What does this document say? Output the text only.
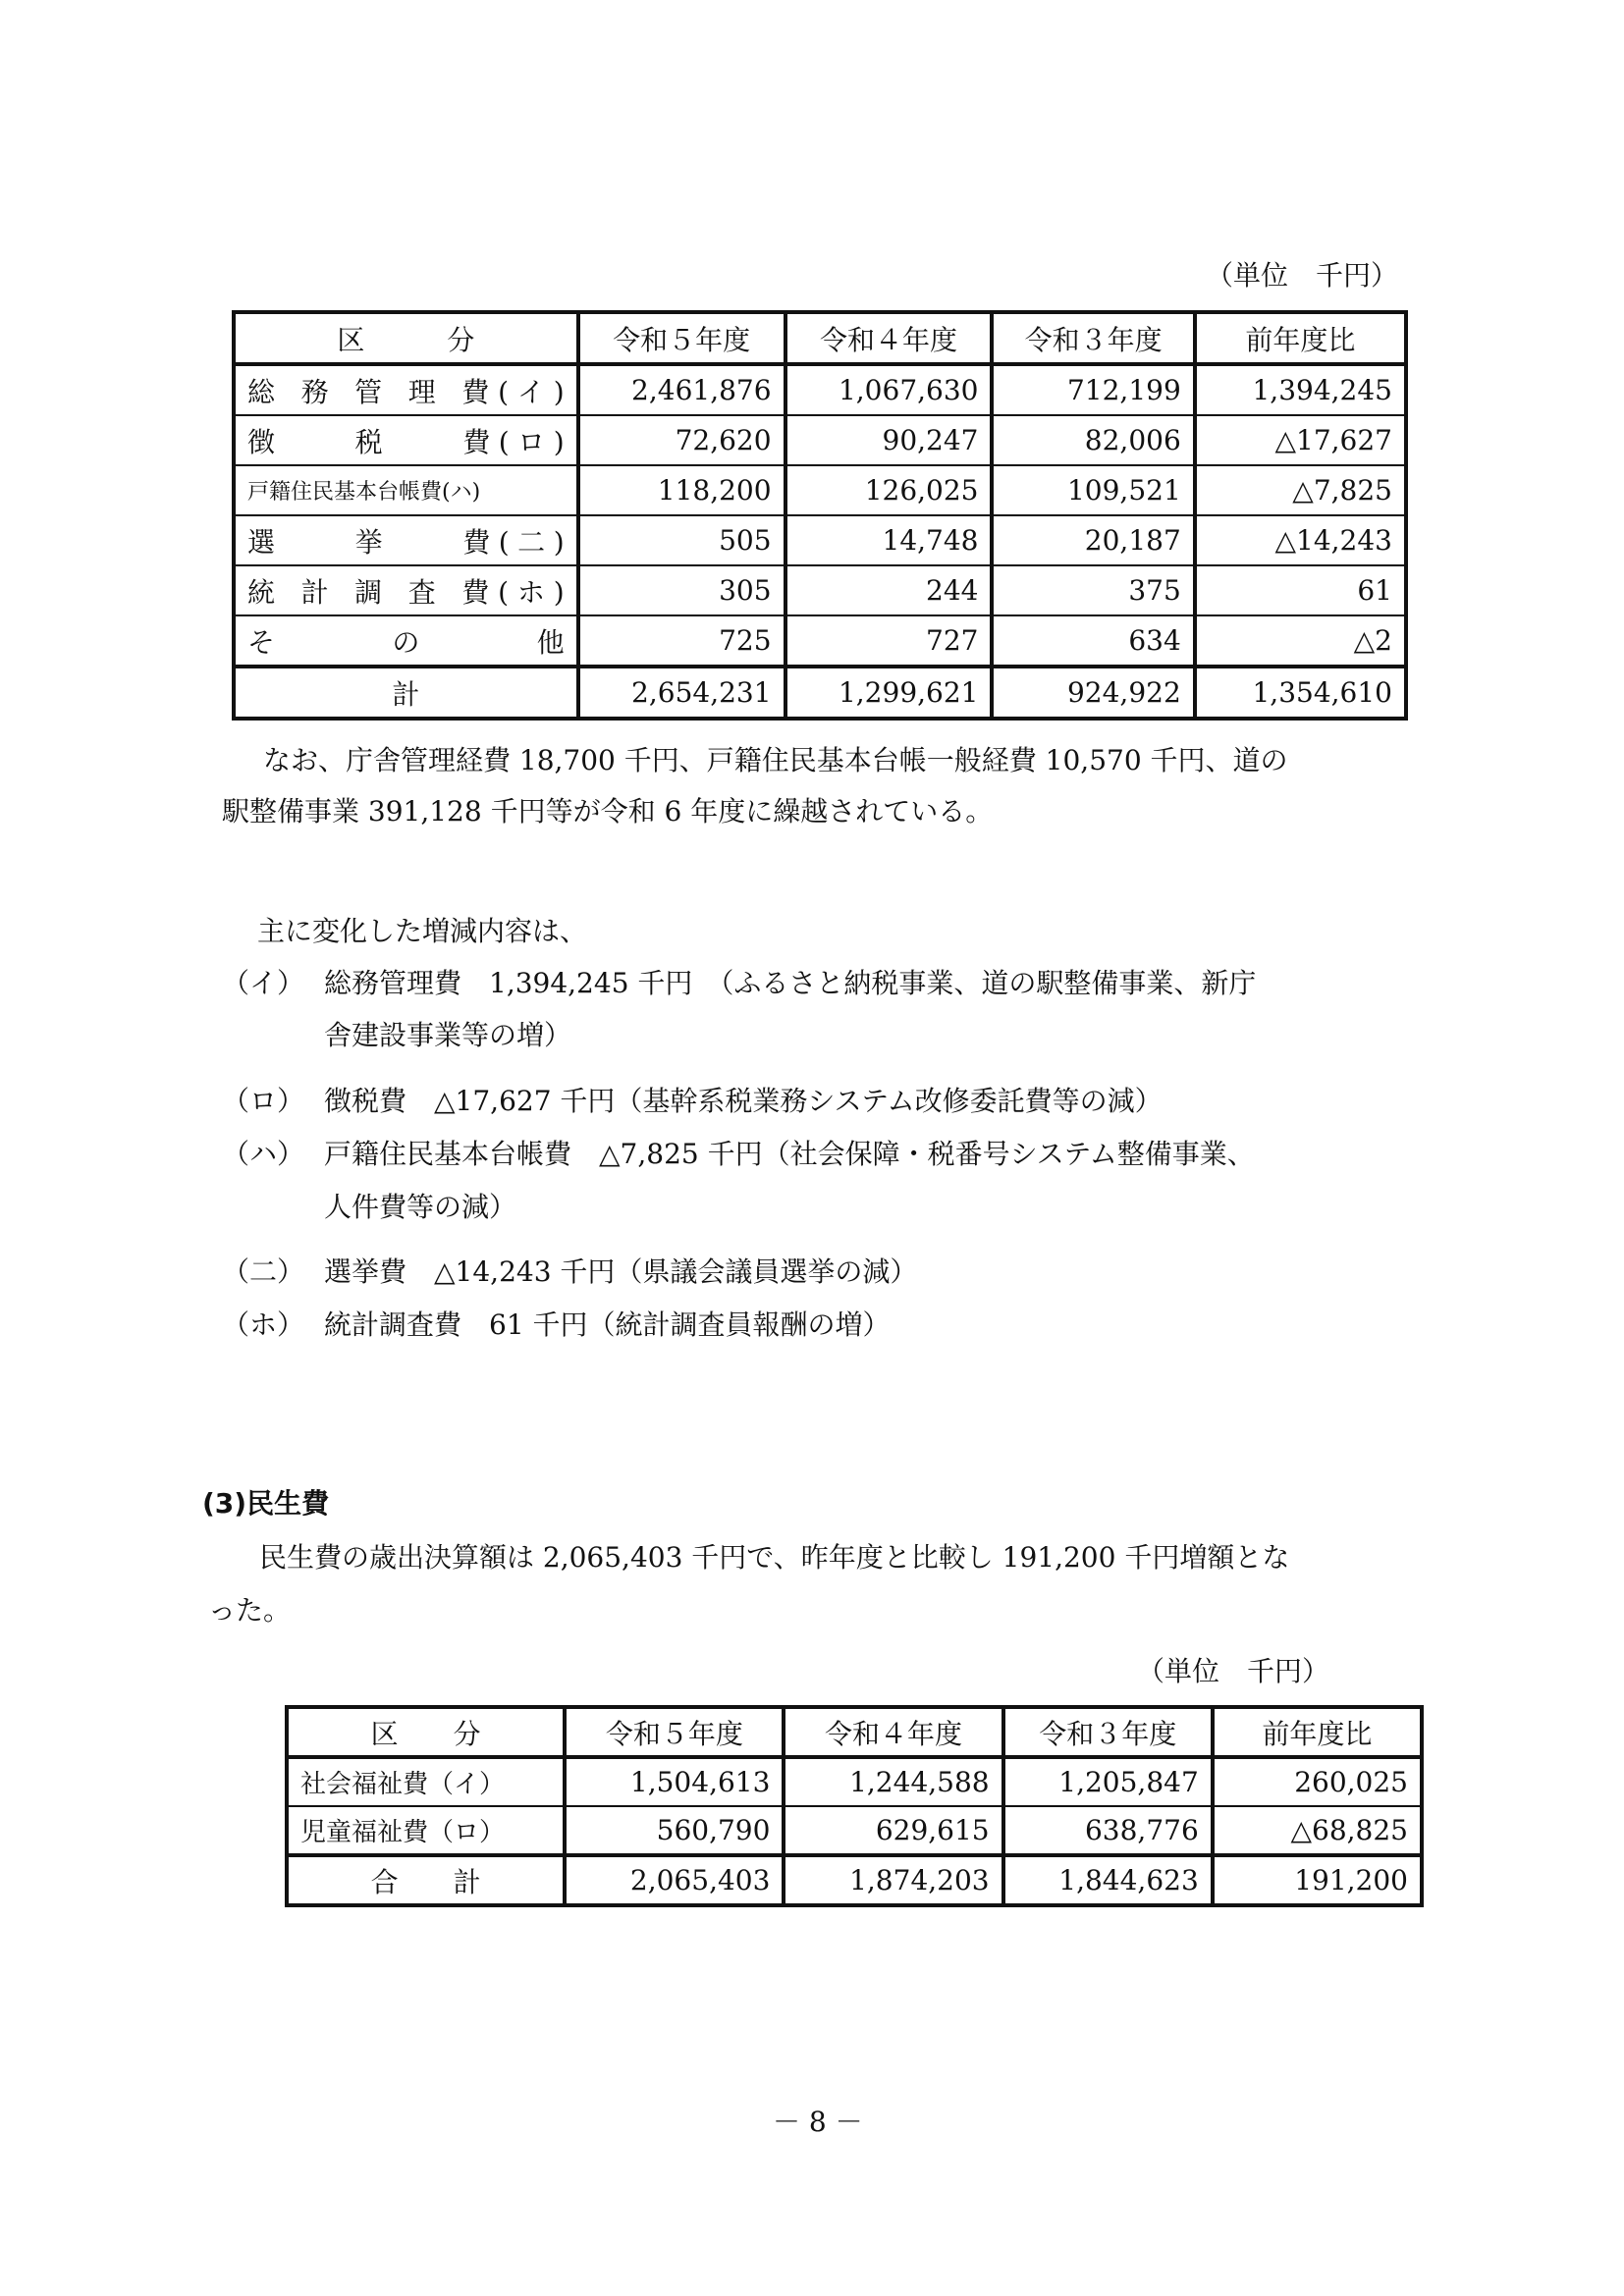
（単位　千円）
区　　　分	令和５年度	令和４年度	令和３年度	前年度比
総 務 管 理 費(イ)	2,461,876	1,067,630	712,199	1,394,245
徴　　税　　費(ロ)	72,620	90,247	82,006	△17,627
戸籍住民基本台帳費(ハ)	118,200	126,025	109,521	△7,825
選　　挙　　費(二)	505	14,748	20,187	△14,243
統 計 調 査 費(ホ)	305	244	375	61
そ　　　の　　　他	725	727	634	△2
計	2,654,231	1,299,621	924,922	1,354,610
なお、庁舎管理経費 18,700 千円、戸籍住民基本台帳一般経費 10,570 千円、道の
駅整備事業 391,128 千円等が令和 6 年度に繰越されている。
主に変化した増減内容は、
（イ） 総務管理費　1,394,245 千円　（ふるさと納税事業、道の駅整備事業、新庁
舎建設事業等の増）
（ロ） 徴税費　△17,627 千円（基幹系税業務システム改修委託費等の減）
（ハ） 戸籍住民基本台帳費　△7,825 千円（社会保障・税番号システム整備事業、
人件費等の減）
（二） 選挙費　△14,243 千円（県議会議員選挙の減）
（ホ） 統計調査費　61 千円（統計調査員報酬の増）
(3)民生費
民生費の歳出決算額は 2,065,403 千円で、昨年度と比較し 191,200 千円増額とな
った。
（単位　千円）
区　　分	令和５年度	令和４年度	令和３年度	前年度比
社会福祉費（イ）	1,504,613	1,244,588	1,205,847	260,025
児童福祉費（ロ）	560,790	629,615	638,776	△68,825
合　　計	2,065,403	1,874,203	1,844,623	191,200
－ 8 －
